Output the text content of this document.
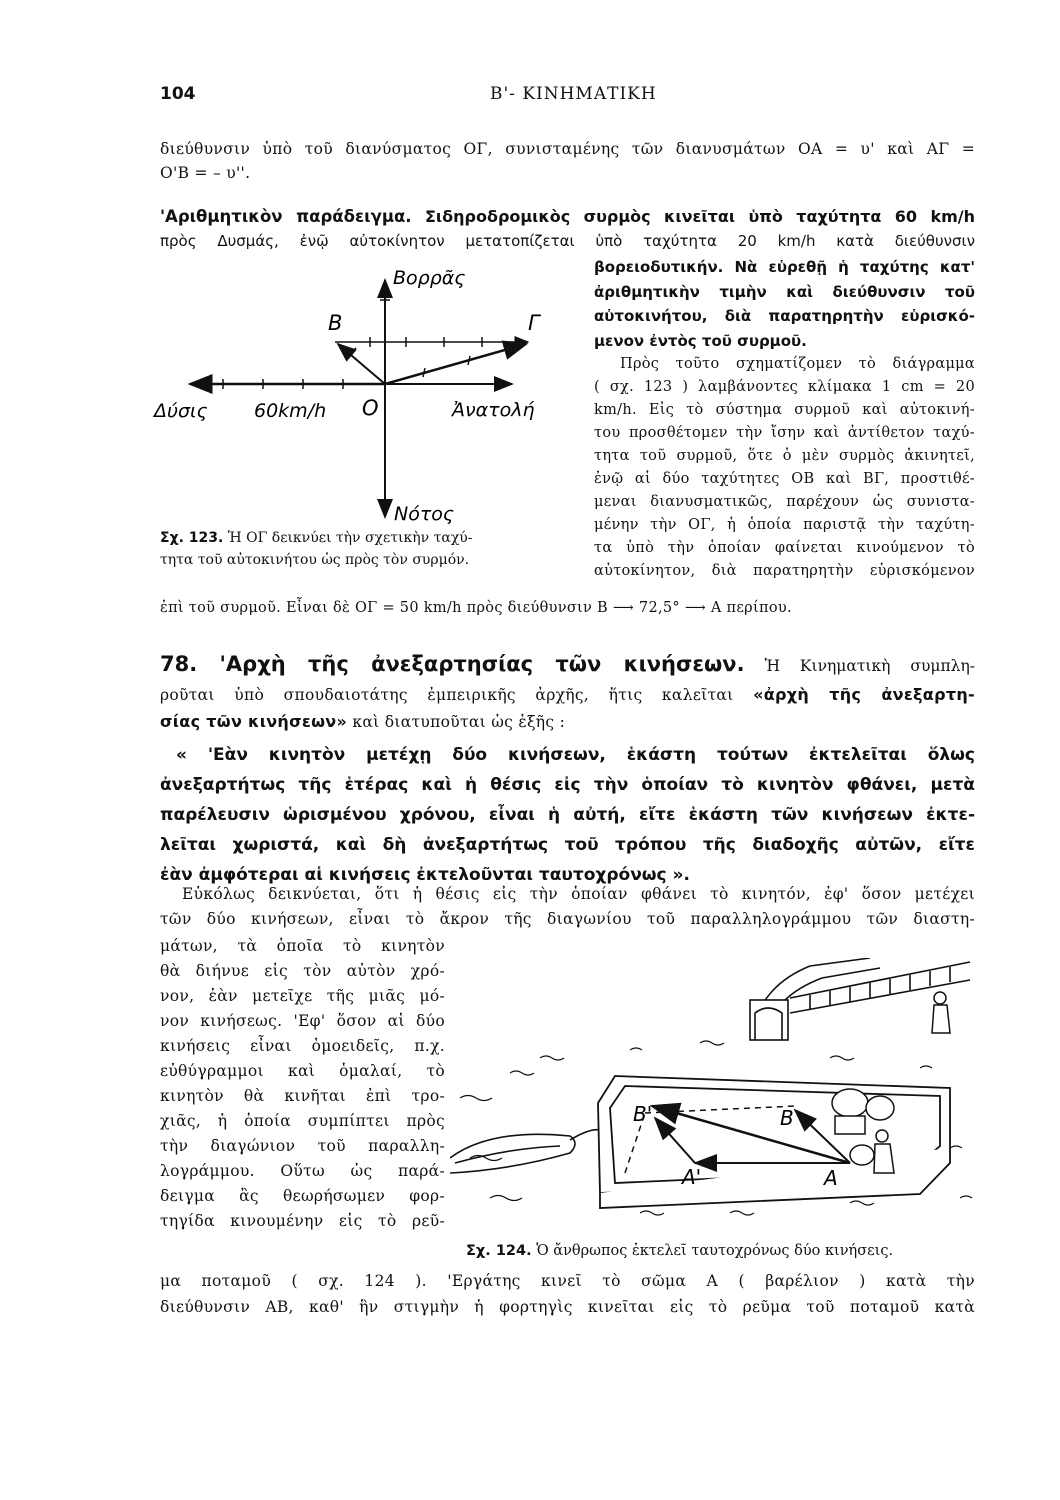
104	Β'- ΚΙΝΗΜΑΤΙΚΗ
διεύθυνσιν ὑπὸ τοῦ διανύσματος ΟΓ, συνισταμένης τῶν διανυσμάτων ΟΑ = υ' καὶ ΑΓ =
Ο'Β = – υ''.
'Αριθμητικὸν παράδειγμα. Σιδηροδρομικὸς συρμὸς κινεῖται ὑπὸ ταχύτητα 60 km/h
πρὸς Δυσμάς, ἐνῷ αὐτοκίνητον μετατοπίζεται ὑπὸ ταχύτητα 20 km/h κατὰ διεύθυνσιν
βορειοδυτικήν. Νὰ εὑρεθῇ ἡ ταχύτης κατ'
ἀριθμητικὴν τιμὴν καὶ διεύθυνσιν τοῦ
αὐτοκινήτου, διὰ παρατηρητὴν εὑρισκό-
μενον ἐντὸς τοῦ συρμοῦ.
Πρὸς τοῦτο σχηματίζομεν τὸ διάγραμμα
( σχ. 123 ) λαμβάνοντες κλίμακα 1 cm = 20
km/h. Εἰς τὸ σύστημα συρμοῦ καὶ αὐτοκινή-
του προσθέτομεν τὴν ἴσην καὶ ἀντίθετον ταχύ-
τητα τοῦ συρμοῦ, ὅτε ὁ μὲν συρμὸς ἀκινητεῖ,
ἐνῷ αἱ δύο ταχύτητες ΟΒ καὶ ΒΓ, προστιθέ-
μεναι διανυσματικῶς, παρέχουν ὡς συνιστα-
μένην τὴν ΟΓ, ἡ ὁποία παριστᾷ τὴν ταχύτη-
τα ὑπὸ τὴν ὁποίαν φαίνεται κινούμενον τὸ
αὐτοκίνητον, διὰ παρατηρητὴν εὑρισκόμενον
Βορρᾶς
Β	Γ
Δύσις 60km/h Ο	Ἀνατολή
Νότος
Σχ. 123. Ἡ ΟΓ δεικνύει τὴν σχετικὴν ταχύ-
τητα τοῦ αὐτοκινήτου ὡς πρὸς τὸν συρμόν.
ἐπὶ τοῦ συρμοῦ. Εἶναι δὲ ΟΓ = 50 km/h πρὸς διεύθυνσιν Β ⟶ 72,5° ⟶ Α περίπου.
78. 'Αρχὴ τῆς ἀνεξαρτησίας τῶν κινήσεων. Ἡ Κινηματικὴ συμπλη-
ροῦται ὑπὸ σπουδαιοτάτης ἐμπειρικῆς ἀρχῆς, ἥτις καλεῖται «ἀρχὴ τῆς ἀνεξαρτη-
σίας τῶν κινήσεων» καὶ διατυποῦται ὡς ἑξῆς :
« 'Εὰν κινητὸν μετέχῃ δύο κινήσεων, ἑκάστη τούτων ἐκτελεῖται ὅλως
ἀνεξαρτήτως τῆς ἑτέρας καὶ ἡ θέσις εἰς τὴν ὁποίαν τὸ κινητὸν φθάνει, μετὰ
παρέλευσιν ὡρισμένου χρόνου, εἶναι ἡ αὐτή, εἴτε ἑκάστη τῶν κινήσεων ἐκτε-
λεῖται χωριστά, καὶ δὴ ἀνεξαρτήτως τοῦ τρόπου τῆς διαδοχῆς αὐτῶν, εἴτε
ἐὰν ἀμφότεραι αἱ κινήσεις ἐκτελοῦνται ταυτοχρόνως ».
Εὐκόλως δεικνύεται, ὅτι ἡ θέσις εἰς τὴν ὁποίαν φθάνει τὸ κινητόν, ἐφ' ὅσον μετέχει
τῶν δύο κινήσεων, εἶναι τὸ ἄκρον τῆς διαγωνίου τοῦ παραλληλογράμμου τῶν διαστη-
μάτων, τὰ ὁποῖα τὸ κινητὸν
θὰ διήνυε εἰς τὸν αὐτὸν χρό-
νον, ἐὰν μετεῖχε τῆς μιᾶς μό-
νον κινήσεως. 'Εφ' ὅσον αἱ δύο
κινήσεις εἶναι ὁμοειδεῖς, π.χ.
εὐθύγραμμοι καὶ ὁμαλαί, τὸ
κινητὸν θὰ κινῆται ἐπὶ τρο-
χιᾶς, ἡ ὁποία συμπίπτει πρὸς
τὴν διαγώνιον τοῦ παραλλη-
λογράμμου. Οὕτω ὡς παρά-
δειγμα ἂς θεωρήσωμεν φορ-
τηγίδα κινουμένην εἰς τὸ ρεῦ-
Β'	Β
Α'	Α
Σχ. 124. Ὁ ἄνθρωπος ἐκτελεῖ ταυτοχρόνως δύο κινήσεις.
μα ποταμοῦ ( σχ. 124 ). 'Εργάτης κινεῖ τὸ σῶμα Α ( βαρέλιον ) κατὰ τὴν
διεύθυνσιν ΑΒ, καθ' ἣν στιγμὴν ἡ φορτηγὶς κινεῖται εἰς τὸ ρεῦμα τοῦ ποταμοῦ κατὰ
